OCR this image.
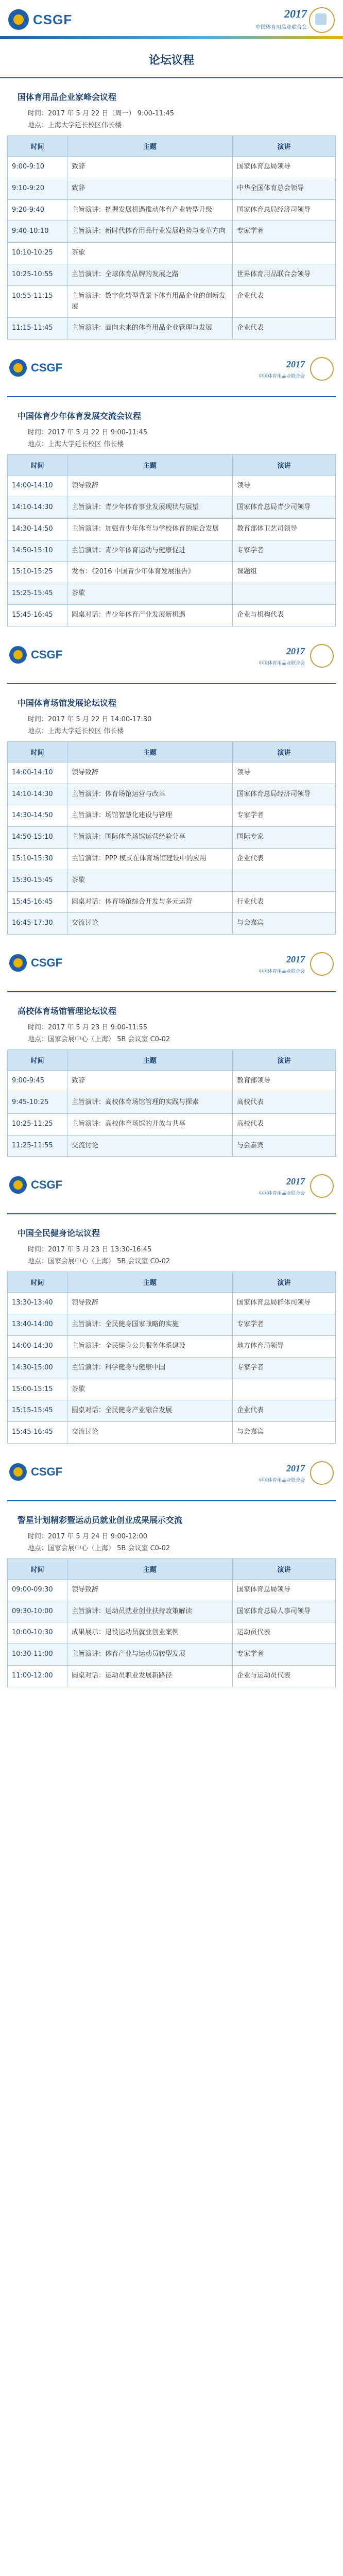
CSGF	2017
中国体育用品业联合会
论坛议程
国体育用品企业家峰会议程
时间：2017 年 5 月 22 日（周一） 9:00-11:45
地点：上海大学延长校区伟长楼
时间	主题	演讲
9:00-9:10	致辞	国家体育总局领导
9:10-9:20	致辞	中华全国体育总会领导
9:20-9:40	主旨演讲：把握发展机遇推动体育产业转型升级	国家体育总局经济司领导
9:40-10:10	主旨演讲：新时代体育用品行业发展趋势与变革方向	专家学者
10:10-10:25	茶歇	
10:25-10:55	主旨演讲：全球体育品牌的发展之路	世界体育用品联合会领导
10:55-11:15	主旨演讲：数字化转型背景下体育用品企业的创新发展	企业代表
11:15-11:45	主旨演讲：面向未来的体育用品企业管理与发展	企业代表
CSGF	2017
中国体育用品业联合会
中国体育少年体育发展交流会议程
时间：2017 年 5 月 22 日 9:00-11:45
地点：上海大学延长校区 伟长楼
时间	主题	演讲
14:00-14:10	领导致辞	领导
14:10-14:30	主旨演讲：青少年体育事业发展现状与展望	国家体育总局青少司领导
14:30-14:50	主旨演讲：加强青少年体育与学校体育的融合发展	教育部体卫艺司领导
14:50-15:10	主旨演讲：青少年体育运动与健康促进	专家学者
15:10-15:25	发布：《2016 中国青少年体育发展报告》	课题组
15:25-15:45	茶歇	
15:45-16:45	圆桌对话：青少年体育产业发展新机遇	企业与机构代表
CSGF	2017
中国体育用品业联合会
中国体育场馆发展论坛议程
时间：2017 年 5 月 22 日 14:00-17:30
地点：上海大学延长校区 伟长楼
时间	主题	演讲
14:00-14:10	领导致辞	领导
14:10-14:30	主旨演讲：体育场馆运营与改革	国家体育总局经济司领导
14:30-14:50	主旨演讲：场馆智慧化建设与管理	专家学者
14:50-15:10	主旨演讲：国际体育场馆运营经验分享	国际专家
15:10-15:30	主旨演讲：PPP 模式在体育场馆建设中的应用	企业代表
15:30-15:45	茶歇	
15:45-16:45	圆桌对话：体育场馆综合开发与多元运营	行业代表
16:45-17:30	交流讨论	与会嘉宾
CSGF	2017
中国体育用品业联合会
高校体育场馆管理论坛议程
时间：2017 年 5 月 23 日 9:00-11:55
地点：国家会展中心（上海） 5B 会议室 C0-02
时间	主题	演讲
9:00-9:45	致辞	教育部领导
9:45-10:25	主旨演讲：高校体育场馆管理的实践与探索	高校代表
10:25-11:25	主旨演讲：高校体育场馆的开放与共享	高校代表
11:25-11:55	交流讨论	与会嘉宾
CSGF	2017
中国体育用品业联合会
中国全民健身论坛议程
时间：2017 年 5 月 23 日 13:30-16:45
地点：国家会展中心（上海） 5B 会议室 C0-02
时间	主题	演讲
13:30-13:40	领导致辞	国家体育总局群体司领导
13:40-14:00	主旨演讲：全民健身国家战略的实施	专家学者
14:00-14:30	主旨演讲：全民健身公共服务体系建设	地方体育局领导
14:30-15:00	主旨演讲：科学健身与健康中国	专家学者
15:00-15:15	茶歇	
15:15-15:45	圆桌对话：全民健身产业融合发展	企业代表
15:45-16:45	交流讨论	与会嘉宾
CSGF	2017
中国体育用品业联合会
警星计划精彩暨运动员就业创业成果展示交流
时间：2017 年 5 月 24 日 9:00-12:00
地点：国家会展中心（上海） 5B 会议室 C0-02
时间	主题	演讲
09:00-09:30	领导致辞	国家体育总局领导
09:30-10:00	主旨演讲：运动员就业创业扶持政策解读	国家体育总局人事司领导
10:00-10:30	成果展示：退役运动员就业创业案例	运动员代表
10:30-11:00	主旨演讲：体育产业与运动员转型发展	专家学者
11:00-12:00	圆桌对话：运动员职业发展新路径	企业与运动员代表
